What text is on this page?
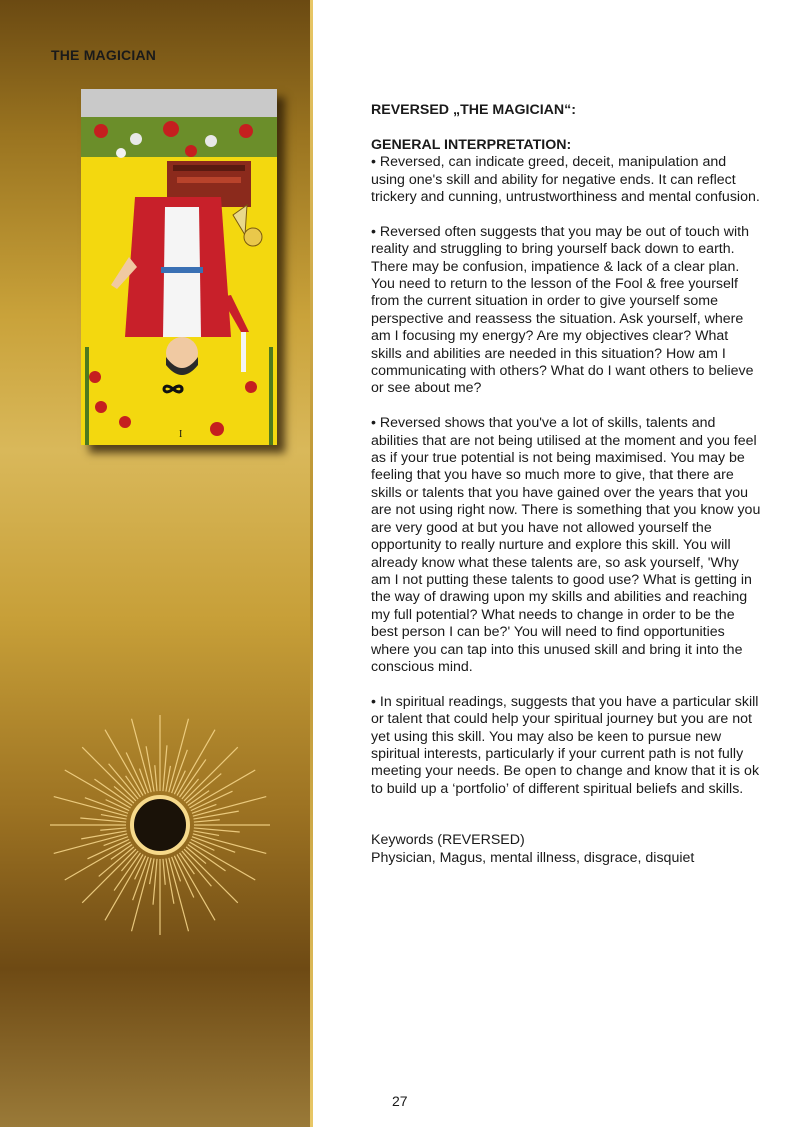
THE MAGICIAN
I

REVERSED „THE MAGICIAN“:

GENERAL INTERPRETATION:

• Reversed, can indicate greed, deceit, manipulation and using one's skill and ability for negative ends. It can reflect trickery and cunning, untrustworthiness and mental confusion.

• Reversed often suggests that you may be out of touch with reality and struggling to bring yourself back down to earth. There may be confusion, impatience & lack of a clear plan. You need to return to the lesson of the Fool & free yourself from the current situation in order to give yourself some perspective and reassess the situation. Ask yourself, where am I focusing my energy? Are my objectives clear? What skills and abilities are needed in this situation? How am I communicating with others? What do I want others to believe or see about me?

• Reversed shows that you've a lot of skills, talents and abilities that are not being utilised at the moment and you feel as if your true potential is not being maximised. You may be feeling that you have so much more to give, that there are skills or talents that you have gained over the years that you are not using right now. There is something that you know you are very good at but you have not allowed yourself the opportunity to really nurture and explore this skill. You will already know what these talents are, so ask yourself, 'Why am I not putting these talents to good use? What is getting in the way of drawing upon my skills and abilities and reaching my full potential? What needs to change in order to be the best person I can be?' You will need to find opportunities where you can tap into this unused skill and bring it into the conscious mind.

• In spiritual readings, suggests that you have a particular skill or talent that could help your spiritual journey but you are not yet using this skill. You may also be keen to pursue new spiritual interests, particularly if your current path is not fully meeting your needs. Be open to change and know that it is ok to build up a ‘portfolio’ of different spiritual beliefs and skills.

Keywords (REVERSED)
Physician, Magus, mental illness, disgrace, disquiet
27
